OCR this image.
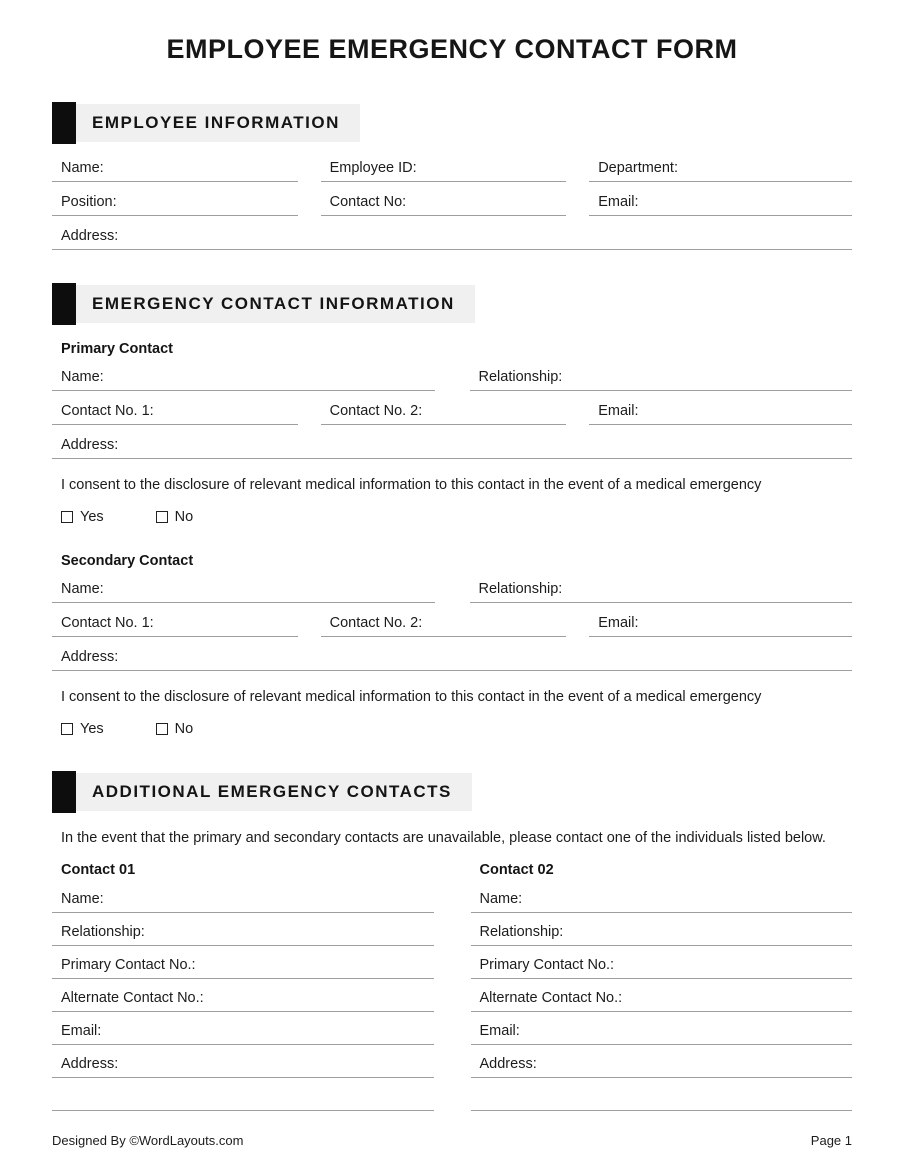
EMPLOYEE EMERGENCY CONTACT FORM
EMPLOYEE INFORMATION
Name:	Employee ID:	Department:
Position:	Contact No:	Email:
Address:
EMERGENCY CONTACT INFORMATION

Primary Contact

Name:	Relationship:
Contact No. 1:	Contact No. 2:	Email:
Address:

I consent to the disclosure of relevant medical information to this contact in the event of a medical emergency

Yes	No

Secondary Contact

Name:	Relationship:
Contact No. 1:	Contact No. 2:	Email:
Address:

I consent to the disclosure of relevant medical information to this contact in the event of a medical emergency

Yes	No
ADDITIONAL EMERGENCY CONTACTS

In the event that the primary and secondary contacts are unavailable, please contact one of the individuals listed below.

Contact 01

Name:
Relationship:
Primary Contact No.:
Alternate Contact No.:
Email:
Address:

Contact 02

Name:
Relationship:
Primary Contact No.:
Alternate Contact No.:
Email:
Address:
Designed By ©WordLayouts.com	Page 1
